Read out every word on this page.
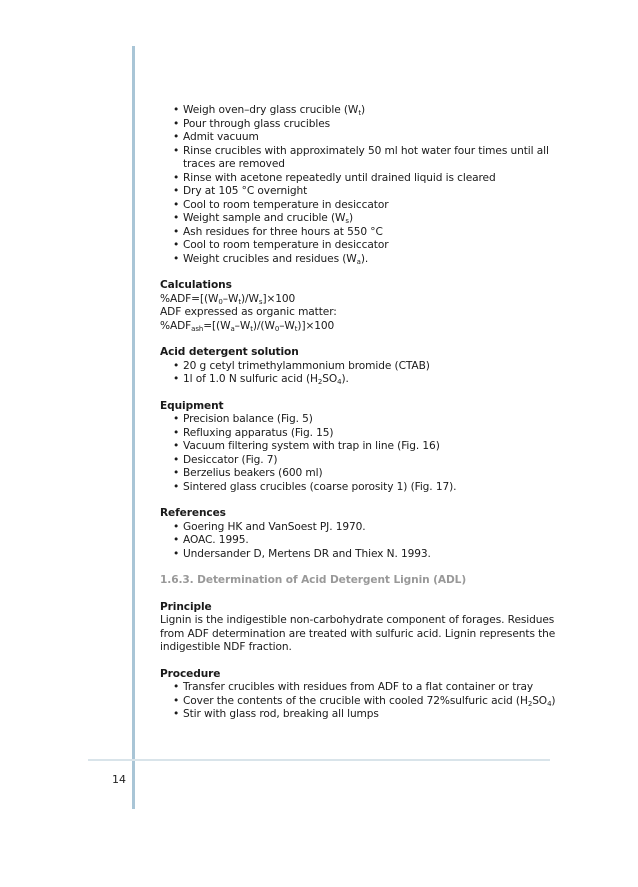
14
• Weigh oven–dry glass crucible $(W_t)$
• Pour through glass crucibles
• Admit vacuum
• Rinse crucibles with approximately 50 ml hot water four times until all traces are removed
• Rinse with acetone repeatedly until drained liquid is cleared
• Dry at 105 °C overnight
• Cool to room temperature in desiccator
• Weight sample and crucible $(W_s)$
• Ash residues for three hours at 550 °C
• Cool to room temperature in desiccator
• Weight crucibles and residues $(W_a)$.
Calculations
$\%ADF=[(W_0-W_t)/W_s]\times 100$
ADF expressed as organic matter:
$\%ADF_{ash}=[(W_a-W_t)/(W_0-W_t)]\times 100$
Acid detergent solution
• 20 g cetyl trimethylammonium bromide (CTAB)
• 1l of 1.0 N sulfuric acid $(H_2SO_4)$.
Equipment
• Precision balance (Fig. 5)
• Refluxing apparatus (Fig. 15)
• Vacuum filtering system with trap in line (Fig. 16)
• Desiccator (Fig. 7)
• Berzelius beakers (600 ml)
• Sintered glass crucibles (coarse porosity 1) (Fig. 17).
References
• Goering HK and VanSoest PJ. 1970.
• AOAC. 1995.
• Undersander D, Mertens DR and Thiex N. 1993.
1.6.3. Determination of Acid Detergent Lignin (ADL)
Principle
Lignin is the indigestible non-carbohydrate component of forages. Residues from ADF determination are treated with sulfuric acid. Lignin represents the indigestible NDF fraction.
Procedure
• Transfer crucibles with residues from ADF to a flat container or tray
• Cover the contents of the crucible with cooled 72%sulfuric acid $(H_2SO_4)$
• Stir with glass rod, breaking all lumps
